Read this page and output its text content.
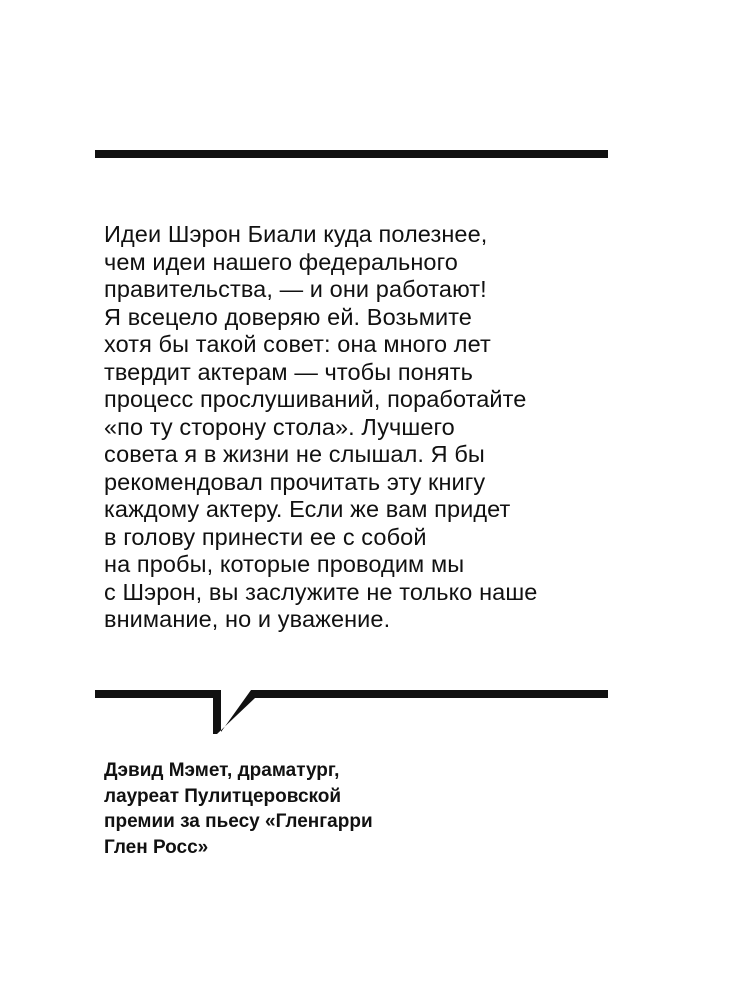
Идеи Шэрон Биали куда полезнее,
чем идеи нашего федерального
правительства, — и они работают!
Я всецело доверяю ей. Возьмите
хотя бы такой совет: она много лет
твердит актерам — чтобы понять
процесс прослушиваний, поработайте
«по ту сторону стола». Лучшего
совета я в жизни не слышал. Я бы
рекомендовал прочитать эту книгу
каждому актеру. Если же вам придет
в голову принести ее с собой
на пробы, которые проводим мы
с Шэрон, вы заслужите не только наше
внимание, но и уважение.
Дэвид Мэмет, драматург,
лауреат Пулитцеровской
премии за пьесу «Гленгарри
Глен Росс»
